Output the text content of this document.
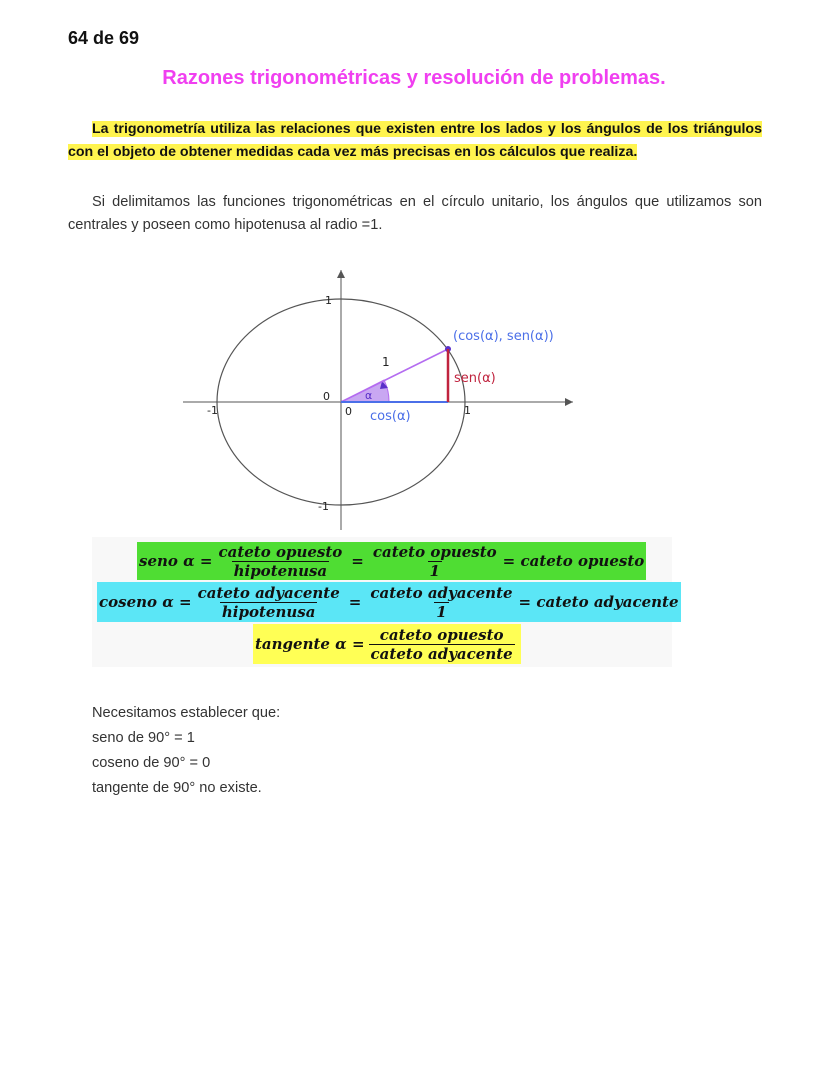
64 de 69
Razones trigonométricas y resolución de problemas.
La trigonometría utiliza las relaciones que existen entre los lados y los ángulos de los triángulos con el objeto de obtener medidas cada vez más precisas en los cálculos que realiza.
Si delimitamos las funciones trigonométricas en el círculo unitario, los ángulos que utilizamos son centrales y poseen como hipotenusa al radio =1.
(cos(α), sen(α))
sen(α)
cos(α)
1
α
0
0
-1	1
1
-1
seno $\alpha = \frac{\text{cateto opuesto}}{\text{hipotenusa}} = \frac{\text{cateto opuesto}}{1}$ = cateto opuesto
coseno $\alpha = \frac{\text{cateto adyacente}}{\text{hipotenusa}} = \frac{\text{cateto adyacente}}{1}$ = cateto adyacente
tangente $\alpha = \frac{\text{cateto opuesto}}{\text{cateto adyacente}}$
Necesitamos establecer que:
seno de 90° = 1
coseno de 90° = 0
tangente de 90° no existe.
